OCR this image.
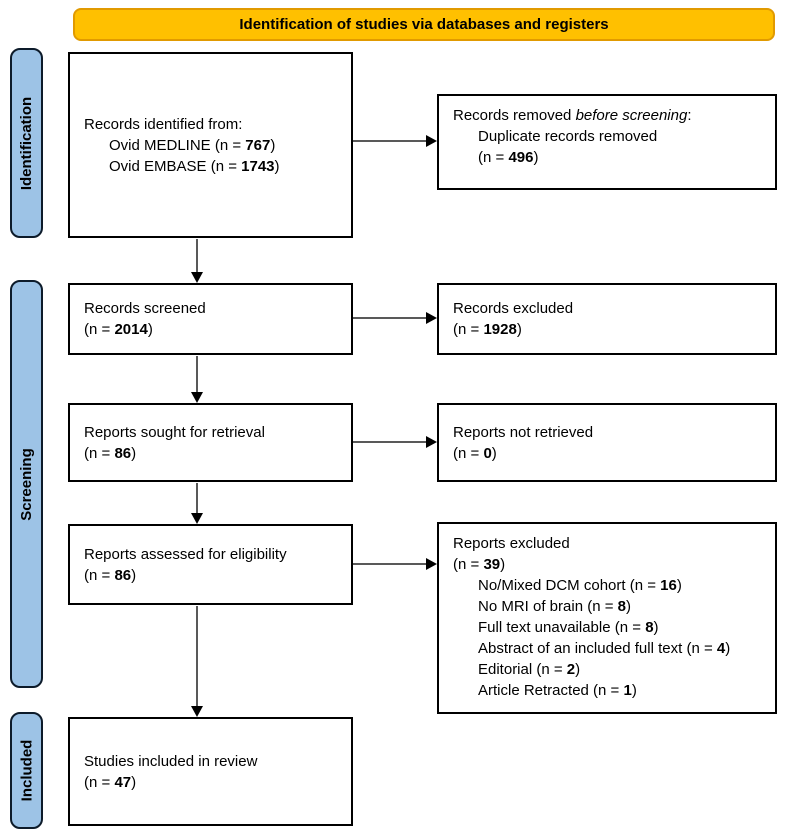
Identification of studies via databases and registers
Identification
Screening
Included
Records identified from:
Ovid MEDLINE (n = 767)
Ovid EMBASE (n = 1743)
Records screened
(n = 2014)
Reports sought for retrieval
(n = 86)
Reports assessed for eligibility
(n = 86)
Studies included in review
(n = 47)
Records removed before screening:
Duplicate records removed
(n = 496)
Records excluded
(n = 1928)
Reports not retrieved
(n = 0)
Reports excluded
(n = 39)
No/Mixed DCM cohort (n = 16)
No MRI of brain (n = 8)
Full text unavailable (n = 8)
Abstract of an included full text (n = 4)
Editorial (n = 2)
Article Retracted (n = 1)
